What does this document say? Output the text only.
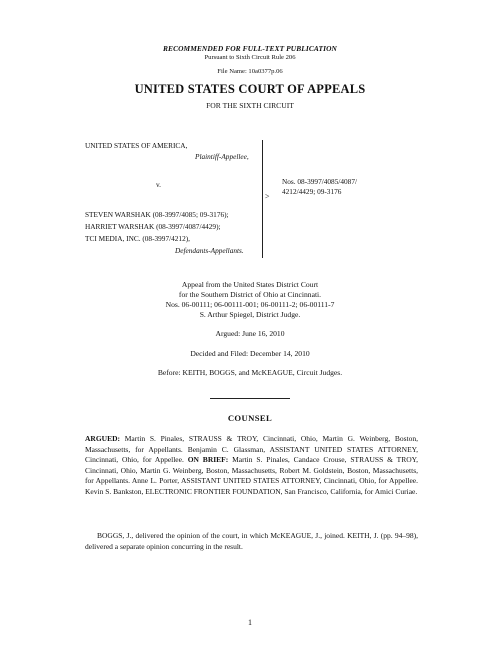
RECOMMENDED FOR FULL-TEXT PUBLICATION
Pursuant to Sixth Circuit Rule 206
File Name: 10a0377p.06
UNITED STATES COURT OF APPEALS
FOR THE SIXTH CIRCUIT
UNITED STATES OF AMERICA,
Plaintiff-Appellee,
v.
STEVEN WARSHAK (08-3997/4085; 09-3176);
HARRIET WARSHAK (08-3997/4087/4429);
TCI MEDIA, INC. (08-3997/4212),
Defendants-Appellants.
>
Nos. 08-3997/4085/4087/
4212/4429; 09-3176
Appeal from the United States District Court
for the Southern District of Ohio at Cincinnati.
Nos. 06-00111; 06-00111-001; 06-00111-2; 06-00111-7
S. Arthur Spiegel, District Judge.
Argued: June 16, 2010
Decided and Filed: December 14, 2010
Before: KEITH, BOGGS, and McKEAGUE, Circuit Judges.
COUNSEL
ARGUED: Martin S. Pinales, STRAUSS & TROY, Cincinnati, Ohio, Martin G. Weinberg, Boston, Massachusetts, for Appellants. Benjamin C. Glassman, ASSISTANT UNITED STATES ATTORNEY, Cincinnati, Ohio, for Appellee. ON BRIEF: Martin S. Pinales, Candace Crouse, STRAUSS & TROY, Cincinnati, Ohio, Martin G. Weinberg, Boston, Massachusetts, Robert M. Goldstein, Boston, Massachusetts, for Appellants. Anne L. Porter, ASSISTANT UNITED STATES ATTORNEY, Cincinnati, Ohio, for Appellee. Kevin S. Bankston, ELECTRONIC FRONTIER FOUNDATION, San Francisco, California, for Amici Curiae.
BOGGS, J., delivered the opinion of the court, in which McKEAGUE, J., joined. KEITH, J. (pp. 94–98), delivered a separate opinion concurring in the result.
1
